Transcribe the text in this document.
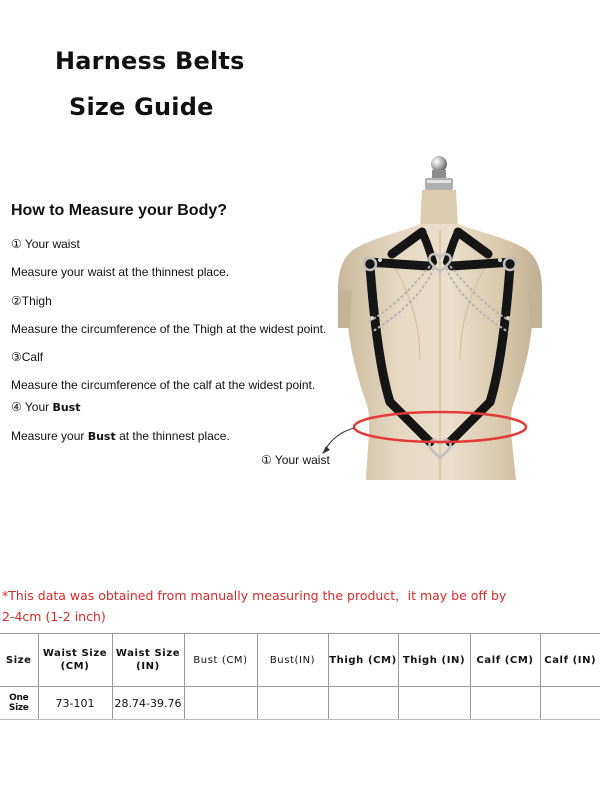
Harness Belts
Size Guide
How to Measure your Body?
① Your waist
Measure your waist at the thinnest place.
②Thigh
Measure the circumference of the Thigh at the widest point.
③Calf
Measure the circumference of the calf at the widest point.
④ Your Bust
Measure your Bust at the thinnest place.
① Your waist
*This data was obtained from manually measuring the product，it may be off by
2-4cm (1-2 inch)
Size	Waist Size (CM)	Waist Size (IN)	Bust (CM)	Bust(IN)	Thigh (CM)	Thigh (IN)	Calf (CM)	Calf (IN)
One Size	73-101	28.74-39.76						
